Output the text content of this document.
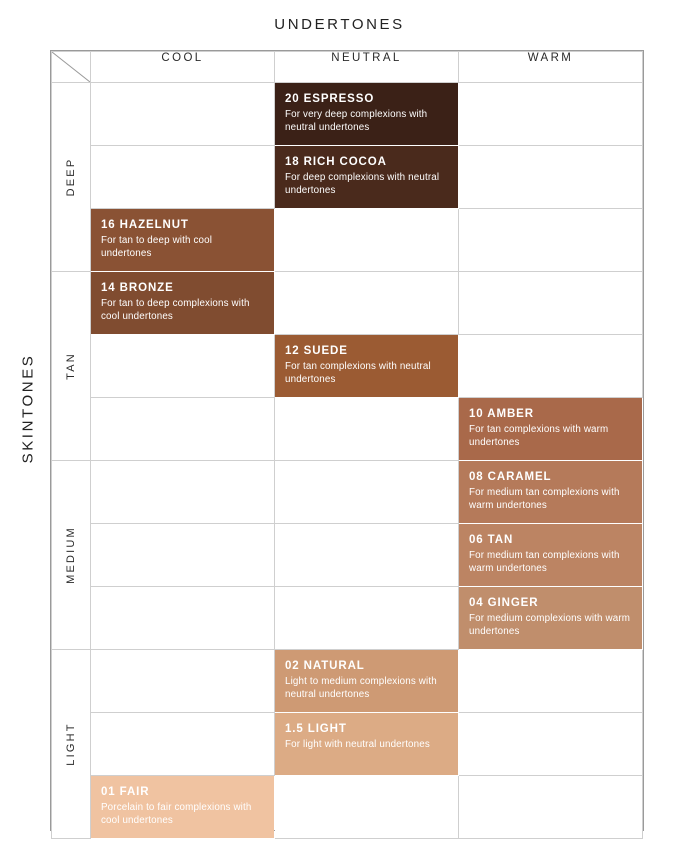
UNDERTONES
SKINTONES
	COOL	NEUTRAL	WARM

DEEP		20 ESPRESSO
For very deep complexions with neutral undertones	

		18 RICH COCOA
For deep complexions with neutral undertones	

	16 HAZELNUT
For tan to deep with cool undertones		

TAN	14 BRONZE
For tan to deep complexions with cool undertones		

		12 SUEDE
For tan complexions with neutral undertones	

			10 AMBER
For tan complexions with warm undertones

MEDIUM			08 CARAMEL
For medium tan complexions with warm undertones

			06 TAN
For medium tan complexions with warm undertones

			04 GINGER
For medium complexions with warm undertones

LIGHT		02 NATURAL
Light to medium complexions with neutral undertones	

		1.5 LIGHT
For light with neutral undertones	

	01 FAIR
Porcelain to fair complexions with cool undertones		
